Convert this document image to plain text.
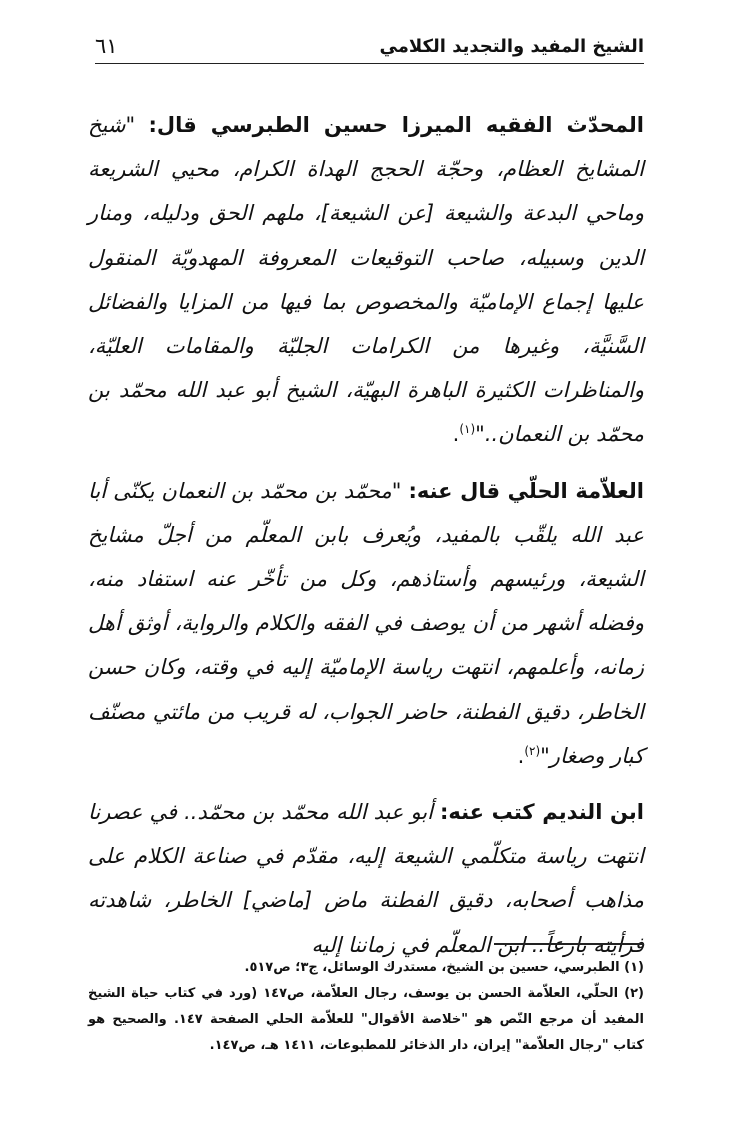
الشيخ المفيد والتجديد الكلامي
٦١

المحدّث الفقيه الميرزا حسين الطبرسي قال: "شيخ المشايخ العظام، وحجّة الحجج الهداة الكرام، محيي الشريعة وماحي البدعة والشيعة [عن الشيعة]، ملهم الحق ودليله، ومنار الدين وسبيله، صاحب التوقيعات المعروفة المهدويّة المنقول عليها إجماع الإماميّة والمخصوص بما فيها من المزايا والفضائل السَّنيَّة، وغيرها من الكرامات الجليّة والمقامات العليّة، والمناظرات الكثيرة الباهرة البهيّة، الشيخ أبو عبد الله محمّد بن محمّد بن النعمان.."$^{(١)}$.

العلاّمة الحلّي قال عنه: "محمّد بن محمّد بن النعمان يكنّى أبا عبد الله يلقّب بالمفيد، ويُعرف بابن المعلّم من أجلّ مشايخ الشيعة، ورئيسهم وأستاذهم، وكل من تأخّر عنه استفاد منه، وفضله أشهر من أن يوصف في الفقه والكلام والرواية، أوثق أهل زمانه، وأعلمهم، انتهت رياسة الإماميّة إليه في وقته، وكان حسن الخاطر، دقيق الفطنة، حاضر الجواب، له قريب من مائتي مصنّف كبار وصغار"$^{(٢)}$.

ابن النديم كتب عنه: أبو عبد الله محمّد بن محمّد.. في عصرنا انتهت رياسة متكلّمي الشيعة إليه، مقدّم في صناعة الكلام على مذاهب أصحابه، دقيق الفطنة ماض [ماضي] الخاطر، شاهدته فرأيته بارعاً.. ابن المعلّم في زماننا إليه

(١) الطبرسي، حسين بن الشيخ، مستدرك الوسائل، ج٣؛ ص٥١٧.

(٢) الحلّي، العلاّمة الحسن بن يوسف، رجال العلاّمة، ص١٤٧ (ورد في كتاب حياة الشيخ المفيد أن مرجع النّص هو "خلاصة الأقوال" للعلاّمة الحلي الصفحة ١٤٧. والصحيح هو كتاب "رجال العلاّمة" إيران، دار الذخائر للمطبوعات، ١٤١١ هـ، ص١٤٧.
